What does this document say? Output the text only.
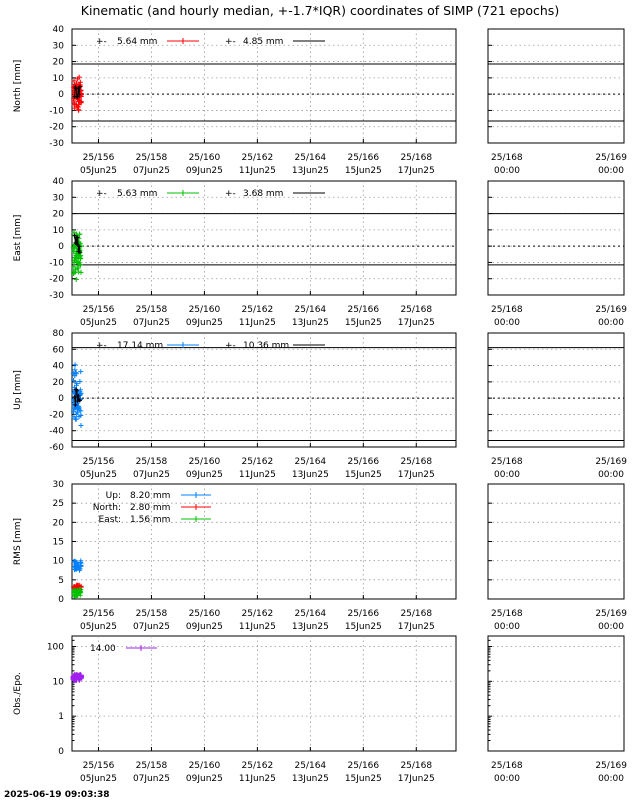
Kinematic (and hourly median, +-1.7*IQR) coordinates of SIMP (721 epochs)
-30
-20
-10
0
10
20
30
40
25/156
05Jun25
25/158
07Jun25
25/160
09Jun25
25/162
11Jun25
25/164
13Jun25
25/166
15Jun25
25/168
17Jun25
25/168
00:00
25/169
00:00
North [mm]
+- 5.64 mm	+- 4.85 mm
-30
-20
-10
0
10
20
30
40
25/156
05Jun25
25/158
07Jun25
25/160
09Jun25
25/162
11Jun25
25/164
13Jun25
25/166
15Jun25
25/168
17Jun25
25/168
00:00
25/169
00:00
East [mm]
+- 5.63 mm	+- 3.68 mm
-60
-40
-20
0
20
40
60
80
25/156
05Jun25
25/158
07Jun25
25/160
09Jun25
25/162
11Jun25
25/164
13Jun25
25/166
15Jun25
25/168
17Jun25
25/168
00:00
25/169
00:00
Up [mm]
+- 17.14 mm	+- 10.36 mm
0
5
10
15
20
25
30
25/156
05Jun25
25/158
07Jun25
25/160
09Jun25
25/162
11Jun25
25/164
13Jun25
25/166
15Jun25
25/168
17Jun25
25/168
00:00
25/169
00:00
RMS [mm]
Up: 8.20 mm
North: 2.80 mm
East: 1.56 mm
0
1
10
100
25/156
05Jun25
25/158
07Jun25
25/160
09Jun25
25/162
11Jun25
25/164
13Jun25
25/166
15Jun25
25/168
17Jun25
25/168
00:00
25/169
00:00
Obs./Epo.
14.00
2025-06-19 09:03:38
